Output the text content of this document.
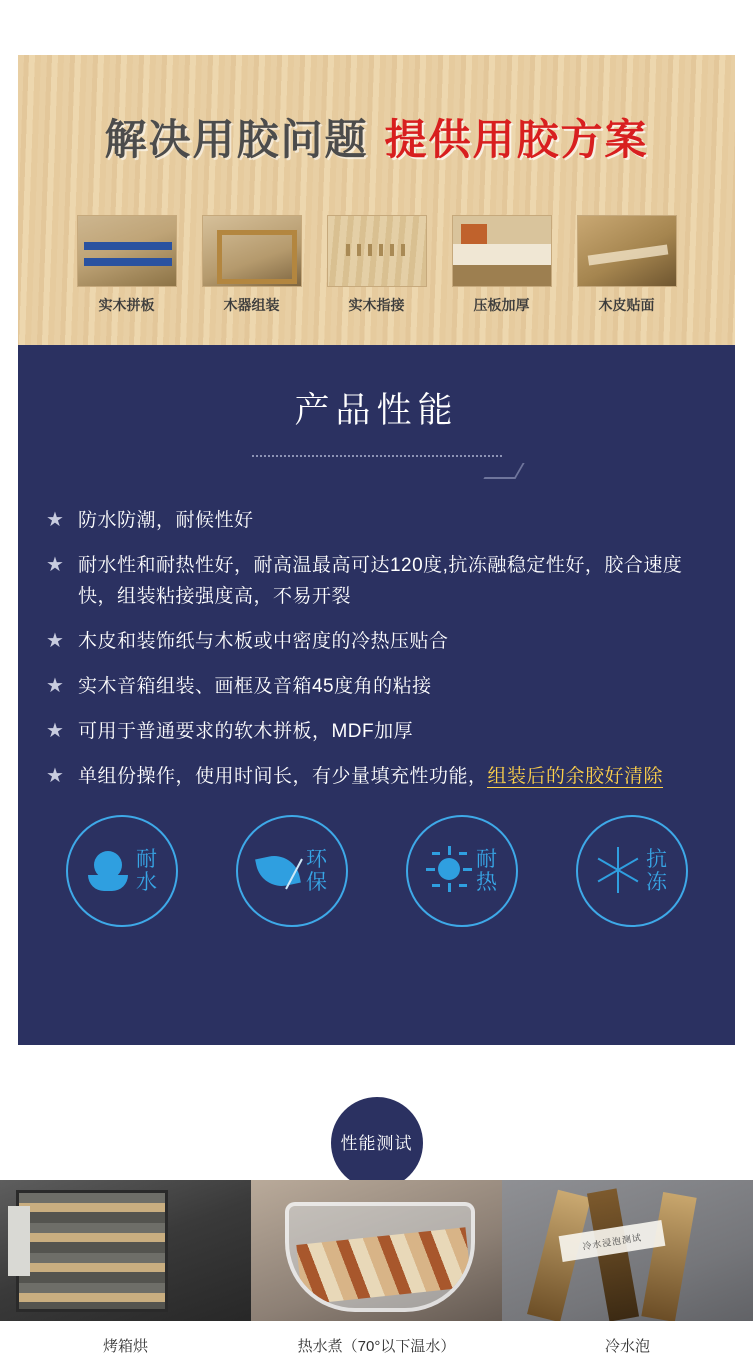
解决用胶问题 提供用胶方案
实木拼板	木器组装	实木指接	压板加厚	木皮贴面
产品性能
★ 防水防潮，耐候性好
★ 耐水性和耐热性好，耐高温最高可达120度,抗冻融稳定性好，胶合速度快，组装粘接强度高，不易开裂
★ 木皮和装饰纸与木板或中密度的冷热压贴合
★ 实木音箱组装、画框及音箱45度角的粘接
★ 可用于普通要求的软木拼板，MDF加厚
★ 单组份操作，使用时间长，有少量填充性功能，组装后的余胶好清除
耐水
环保
耐热
抗冻
性能测试
烤箱烘	热水煮（70°以下温水）
冷水浸泡测试
冷水泡
